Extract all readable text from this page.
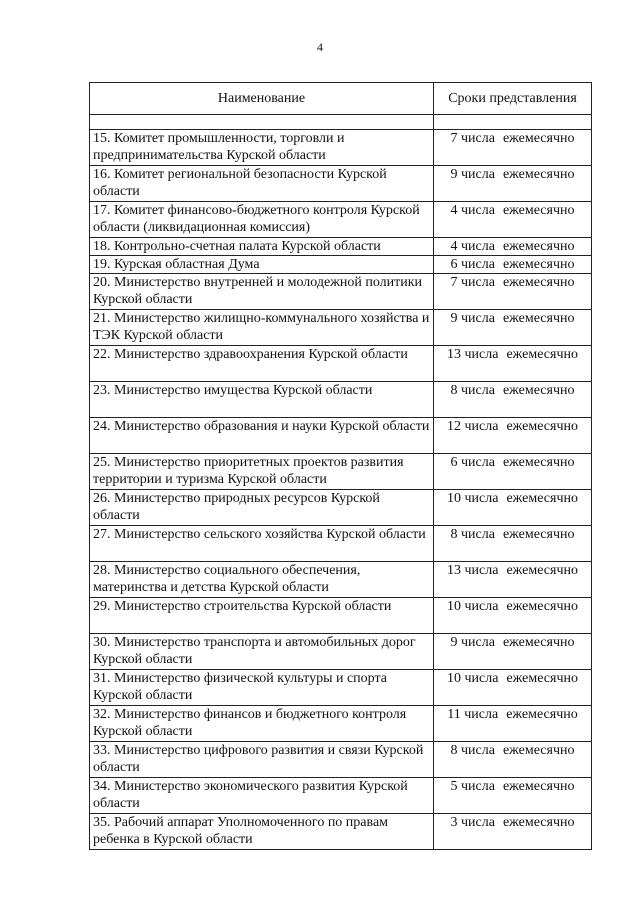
4
Наименование	Сроки представления

15. Комитет промышленности, торговли и предпринимательства Курской области	7 числа ежемесячно
16. Комитет региональной безопасности Курской области	9 числа ежемесячно
17. Комитет финансово-бюджетного контроля Курской области (ликвидационная комиссия)	4 числа ежемесячно
18. Контрольно-счетная палата Курской области	4 числа ежемесячно
19. Курская областная Дума	6 числа ежемесячно
20. Министерство внутренней и молодежной политики Курской области	7 числа ежемесячно
21. Министерство жилищно-коммунального хозяйства и ТЭК Курской области	9 числа ежемесячно
22. Министерство здравоохранения Курской области	13 числа ежемесячно
23. Министерство имущества Курской области	8 числа ежемесячно
24. Министерство образования и науки Курской области	12 числа ежемесячно
25. Министерство приоритетных проектов развития территории и туризма Курской области	6 числа ежемесячно
26. Министерство природных ресурсов Курской области	10 числа ежемесячно
27. Министерство сельского хозяйства Курской области	8 числа ежемесячно
28. Министерство социального обеспечения, материнства и детства Курской области	13 числа ежемесячно
29. Министерство строительства Курской области	10 числа ежемесячно
30. Министерство транспорта и автомобильных дорог Курской области	9 числа ежемесячно
31. Министерство физической культуры и спорта Курской области	10 числа ежемесячно
32. Министерство финансов и бюджетного контроля Курской области	11 числа ежемесячно
33. Министерство цифрового развития и связи Курской области	8 числа ежемесячно
34. Министерство экономического развития Курской области	5 числа ежемесячно
35. Рабочий аппарат Уполномоченного по правам ребенка в Курской области	3 числа ежемесячно
